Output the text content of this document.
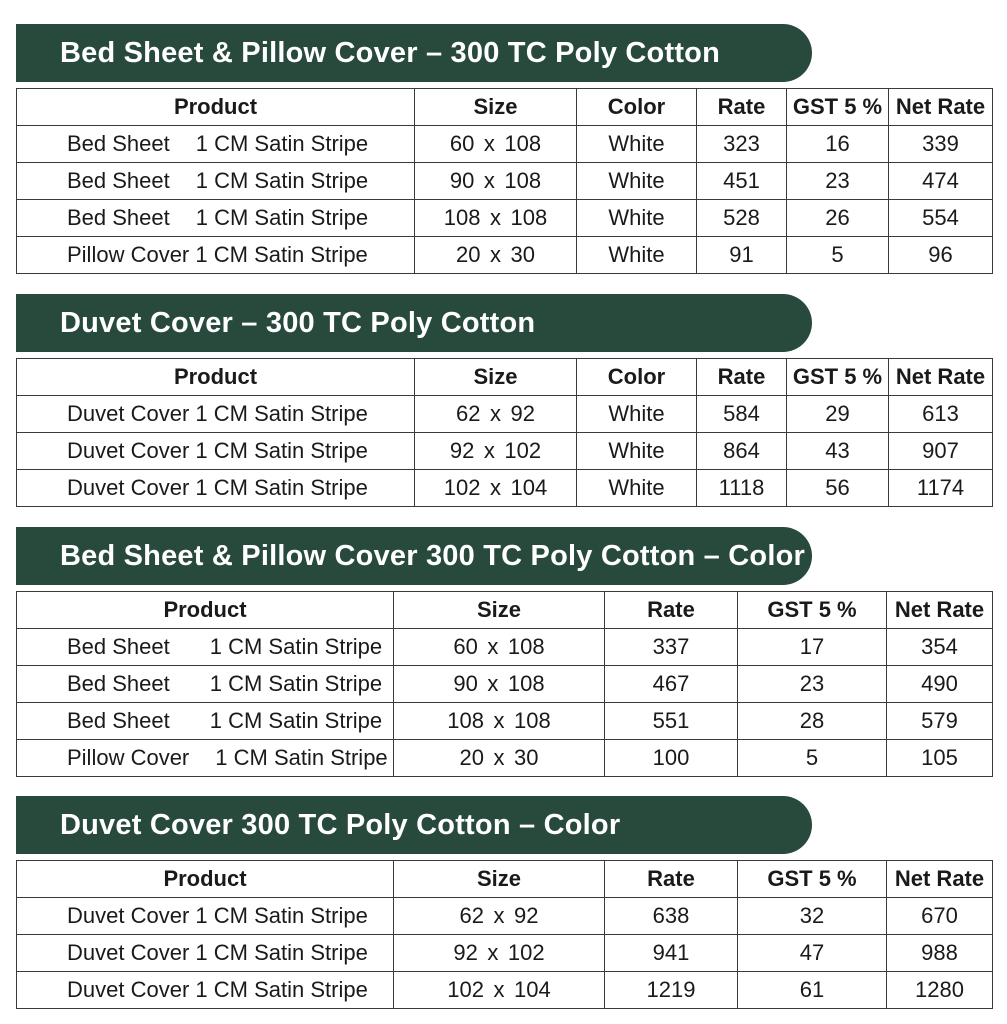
Bed Sheet & Pillow Cover – 300 TC Poly Cotton
Product	Size	Color	Rate	GST 5 %	Net Rate
Bed Sheet 1 CM Satin Stripe	60 x 108	White	323	16	339
Bed Sheet 1 CM Satin Stripe	90 x 108	White	451	23	474
Bed Sheet 1 CM Satin Stripe	108 x 108	White	528	26	554
Pillow Cover 1 CM Satin Stripe	20 x 30	White	91	5	96
Duvet Cover – 300 TC Poly Cotton
Product	Size	Color	Rate	GST 5 %	Net Rate
Duvet Cover 1 CM Satin Stripe	62 x 92	White	584	29	613
Duvet Cover 1 CM Satin Stripe	92 x 102	White	864	43	907
Duvet Cover 1 CM Satin Stripe	102 x 104	White	1118	56	1174
Bed Sheet & Pillow Cover 300 TC Poly Cotton – Color
Product	Size	Rate	GST 5 %	Net Rate
Bed Sheet 1 CM Satin Stripe	60 x 108	337	17	354
Bed Sheet 1 CM Satin Stripe	90 x 108	467	23	490
Bed Sheet 1 CM Satin Stripe	108 x 108	551	28	579
Pillow Cover 1 CM Satin Stripe	20 x 30	100	5	105
Duvet Cover 300 TC Poly Cotton – Color
Product	Size	Rate	GST 5 %	Net Rate
Duvet Cover 1 CM Satin Stripe	62 x 92	638	32	670
Duvet Cover 1 CM Satin Stripe	92 x 102	941	47	988
Duvet Cover 1 CM Satin Stripe	102 x 104	1219	61	1280
